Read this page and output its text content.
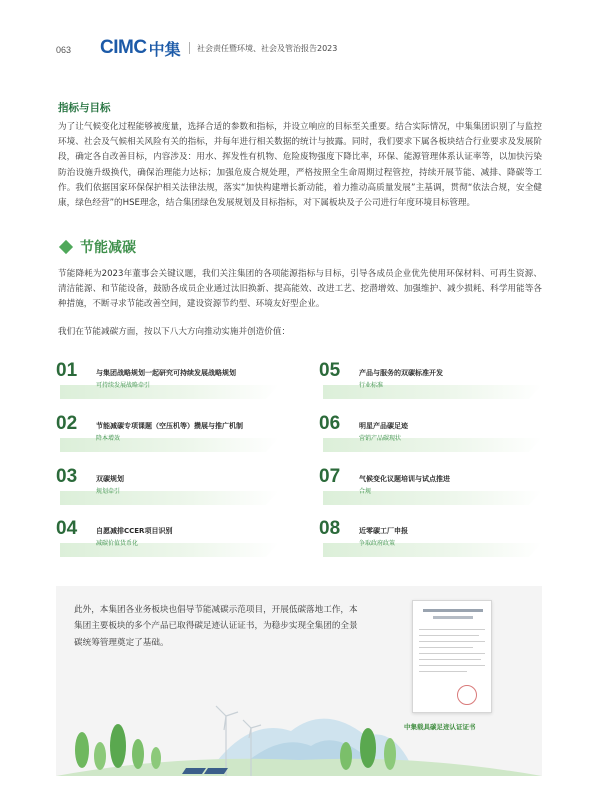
063 CIMC 中集 社会责任暨环境、社会及管治报告2023
指标与目标
为了让气候变化过程能够被度量，选择合适的参数和指标，并设立响应的目标至关重要。结合实际情况，中集集团识别了与监控环境、社会及气候相关风险有关的指标，并每年进行相关数据的统计与披露。同时，我们要求下属各板块结合行业要求及发展阶段，确定各自改善目标，内容涉及：用水、挥发性有机物、危险废物强度下降比率，环保、能源管理体系认证率等，以加快污染防治设施升级换代，确保治理能力达标；加强危废合规处理，严格按照全生命周期过程管控，持续开展节能、减排、降碳等工作。我们依据国家环保保护相关法律法规，落实“加快构建增长新动能，着力推动高质量发展”主基调，贯彻“依法合规，安全健康，绿色经营”的HSE理念，结合集团绿色发展规划及目标指标，对下属板块及子公司进行年度环境目标管理。
节能减碳
节能降耗为2023年董事会关键议题，我们关注集团的各项能源指标与目标，引导各成员企业优先使用环保材料、可再生资源、清洁能源、和节能设备，鼓励各成员企业通过汰旧换新、提高能效、改进工艺、挖潜增效、加强维护、减少损耗、科学用能等各种措施，不断寻求节能改善空间，建设资源节约型、环境友好型企业。
我们在节能减碳方面，按以下八大方向推动实施并创造价值：
01	与集团战略规划一起研究可持续发展战略规划
可持续发展战略牵引
02	节能减碳专项课题（空压机等）攒展与推广机制
降本增效
03	双碳规划
规划牵引
04	自愿减排CCER项目识别
减碳价值货币化
05	产品与服务的双碳标准开发
行业标准
06	明星产品碳足迹
营销产品碳现状
07	气候变化议题培训与试点推进
合规
08	近零碳工厂申报
争取政府政策
此外，本集团各业务板块也倡导节能减碳示范项目，开展低碳落地工作，本集团主要板块的多个产品已取得碳足迹认证证书，为稳步实现全集团的全景碳统筹管理奠定了基础。
中集载具碳足迹认证证书
